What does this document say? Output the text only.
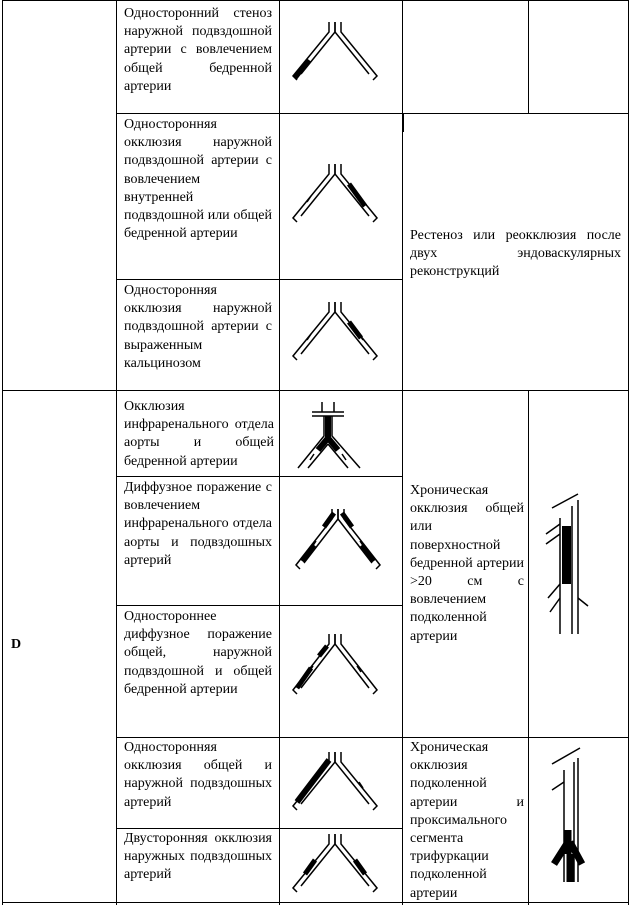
D
Односторонний стеноз наружной подвздошной артерии с вовлечением общей бедренной артерии
Односторонняя окклюзия наружной подвздошной артерии с вовлечением внутренней подвздошной или общей бедренной артерии
Односторонняя окклюзия наружной подвздошной артерии с выраженным кальцинозом
Окклюзия инфраренального отдела аорты и общей бедренной артерии
Диффузное поражение с вовлечением инфраренального отдела аорты и подвздошных артерий
Одностороннее диффузное поражение общей, наружной подвздошной и общей бедренной артерии
Односторонняя окклюзия общей и наружной подвздошных артерий
Двусторонняя окклюзия наружных подвздошных артерий
Рестеноз или реокклюзия после двух эндоваскулярных реконструкций
Хроническая окклюзия общей или поверхностной бедренной артерии >20 см с вовлечением подколенной артерии
Хроническая окклюзия подколенной артерии и проксимального сегмента трифуркации подколенной артерии
